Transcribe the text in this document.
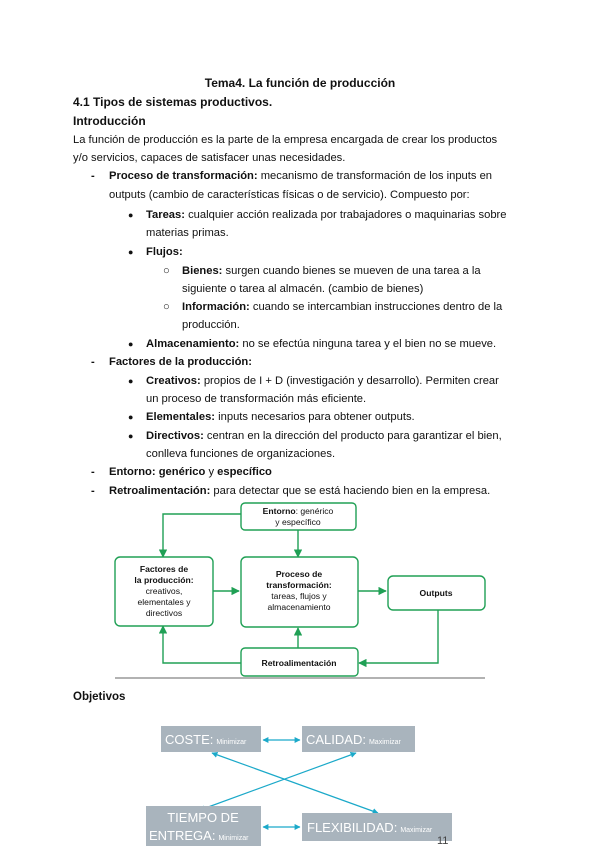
Tema4. La función de producción
4.1 Tipos de sistemas productivos.
Introducción
La función de producción es la parte de la empresa encargada de crear los productos
y/o servicios, capaces de satisfacer unas necesidades.
- Proceso de transformación: mecanismo de transformación de los inputs en
outputs (cambio de características físicas o de servicio). Compuesto por:
● Tareas: cualquier acción realizada por trabajadores o maquinarias sobre
materias primas.
● Flujos:
○ Bienes: surgen cuando bienes se mueven de una tarea a la
siguiente o tarea al almacén. (cambio de bienes)
○ Información: cuando se intercambian instrucciones dentro de la
producción.
● Almacenamiento: no se efectúa ninguna tarea y el bien no se mueve.
- Factores de la producción:
● Creativos: propios de I + D (investigación y desarrollo). Permiten crear
un proceso de transformación más eficiente.
● Elementales: inputs necesarios para obtener outputs.
● Directivos: centran en la dirección del producto para garantizar el bien,
conlleva funciones de organizaciones.
- Entorno: genérico y específico
- Retroalimentación: para detectar que se está haciendo bien en la empresa.
Entorno: genérico
y específico
Factores de
la producción:
creativos,
elementales y
directivos
Proceso de
transformación:
tareas, flujos y
almacenamiento
Outputs
Retroalimentación
Objetivos
COSTE: Minimizar	CALIDAD: Maximizar
TIEMPO DE
ENTREGA: Minimizar
FLEXIBILIDAD: Maximizar
11
